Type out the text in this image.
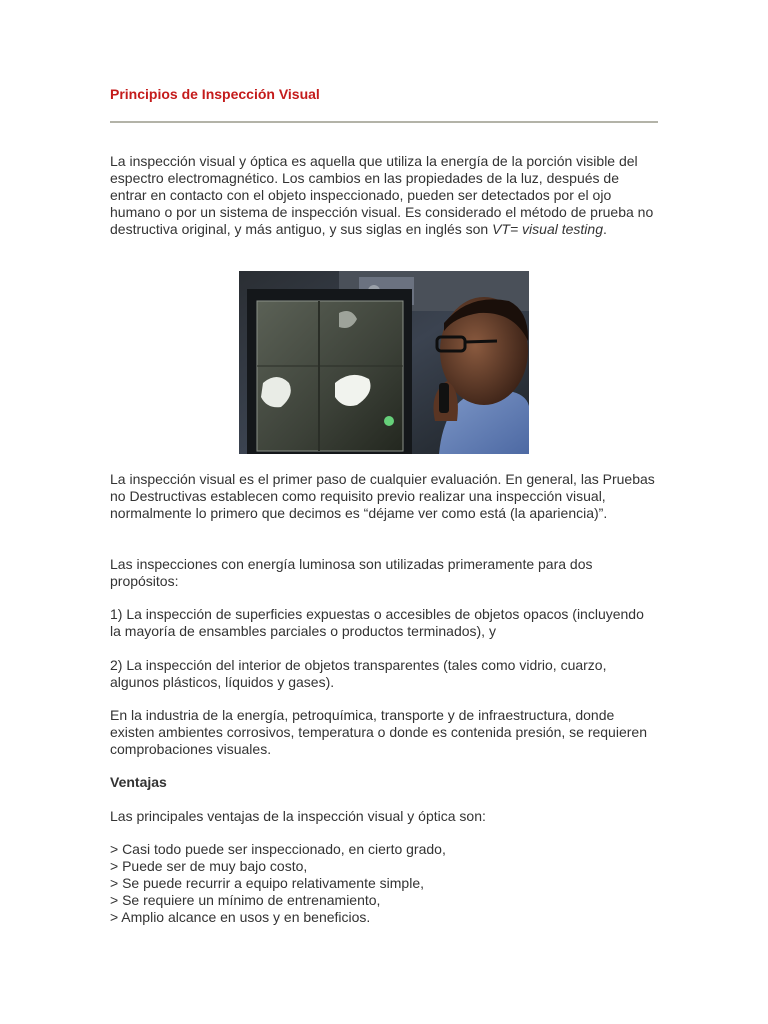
Principios de Inspección Visual

La inspección visual y óptica es aquella que utiliza la energía de la porción visible del espectro electromagnético. Los cambios en las propiedades de la luz, después de entrar en contacto con el objeto inspeccionado, pueden ser detectados por el ojo humano o por un sistema de inspección visual. Es considerado el método de prueba no destructiva original, y más antiguo, y sus siglas en inglés son VT= visual testing.

La inspección visual es el primer paso de cualquier evaluación. En general, las Pruebas no Destructivas establecen como requisito previo realizar una inspección visual, normalmente lo primero que decimos es “déjame ver como está (la apariencia)”.

Las inspecciones con energía luminosa son utilizadas primeramente para dos propósitos:

1) La inspección de superficies expuestas o accesibles de objetos opacos (incluyendo la mayoría de ensambles parciales o productos terminados), y

2) La inspección del interior de objetos transparentes (tales como vidrio, cuarzo, algunos plásticos, líquidos y gases).

En la industria de la energía, petroquímica, transporte y de infraestructura, donde existen ambientes corrosivos, temperatura o donde es contenida presión, se requieren comprobaciones visuales.

Ventajas

Las principales ventajas de la inspección visual y óptica son:

> Casi todo puede ser inspeccionado, en cierto grado,
> Puede ser de muy bajo costo,
> Se puede recurrir a equipo relativamente simple,
> Se requiere un mínimo de entrenamiento,
> Amplio alcance en usos y en beneficios.
